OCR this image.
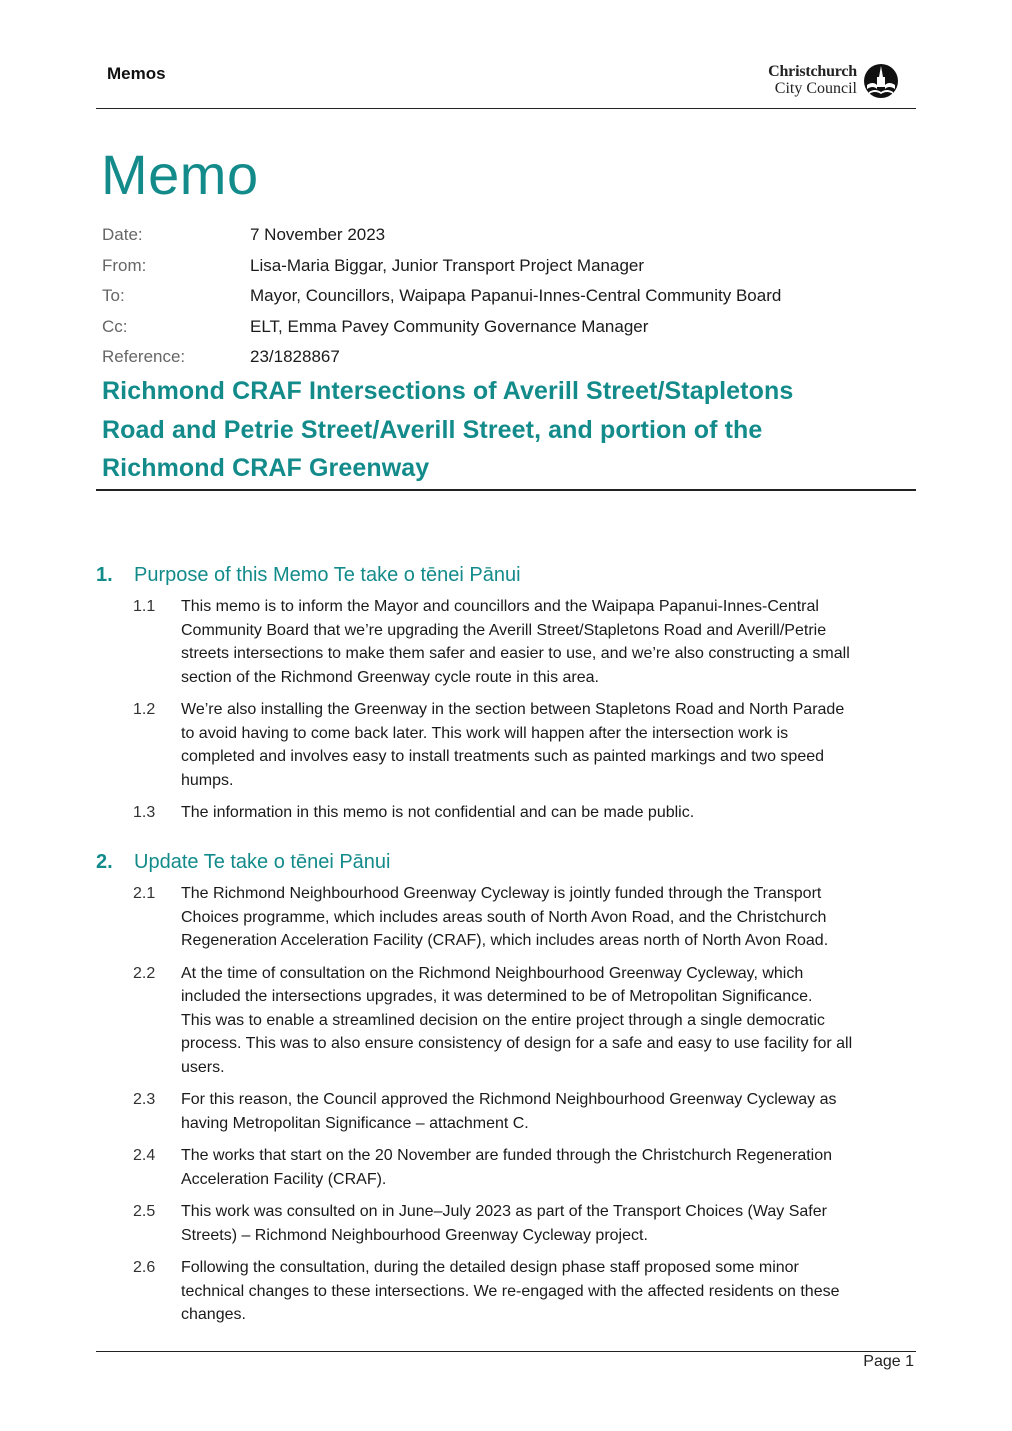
Memos	Christchurch
City Council
Memo
Date:	7 November 2023
From:	Lisa-Maria Biggar, Junior Transport Project Manager
To:	Mayor, Councillors, Waipapa Papanui-Innes-Central Community Board
Cc:	ELT, Emma Pavey Community Governance Manager
Reference:	23/1828867
Richmond CRAF Intersections of Averill Street/Stapletons
Road and Petrie Street/Averill Street, and portion of the
Richmond CRAF Greenway
1.	Purpose of this Memo Te take o tēnei Pānui
1.1	This memo is to inform the Mayor and councillors and the Waipapa Papanui-Innes-Central
Community Board that we’re upgrading the Averill Street/Stapletons Road and Averill/Petrie
streets intersections to make them safer and easier to use, and we’re also constructing a small
section of the Richmond Greenway cycle route in this area.
1.2	We’re also installing the Greenway in the section between Stapletons Road and North Parade
to avoid having to come back later. This work will happen after the intersection work is
completed and involves easy to install treatments such as painted markings and two speed
humps.
1.3	The information in this memo is not confidential and can be made public.
2.	Update Te take o tēnei Pānui
2.1	The Richmond Neighbourhood Greenway Cycleway is jointly funded through the Transport
Choices programme, which includes areas south of North Avon Road, and the Christchurch
Regeneration Acceleration Facility (CRAF), which includes areas north of North Avon Road.
2.2	At the time of consultation on the Richmond Neighbourhood Greenway Cycleway, which
included the intersections upgrades, it was determined to be of Metropolitan Significance.
This was to enable a streamlined decision on the entire project through a single democratic
process. This was to also ensure consistency of design for a safe and easy to use facility for all
users.
2.3	For this reason, the Council approved the Richmond Neighbourhood Greenway Cycleway as
having Metropolitan Significance – attachment C.
2.4	The works that start on the 20 November are funded through the Christchurch Regeneration
Acceleration Facility (CRAF).
2.5	This work was consulted on in June–July 2023 as part of the Transport Choices (Way Safer
Streets) – Richmond Neighbourhood Greenway Cycleway project.
2.6	Following the consultation, during the detailed design phase staff proposed some minor
technical changes to these intersections. We re-engaged with the affected residents on these
changes.
Page 1
